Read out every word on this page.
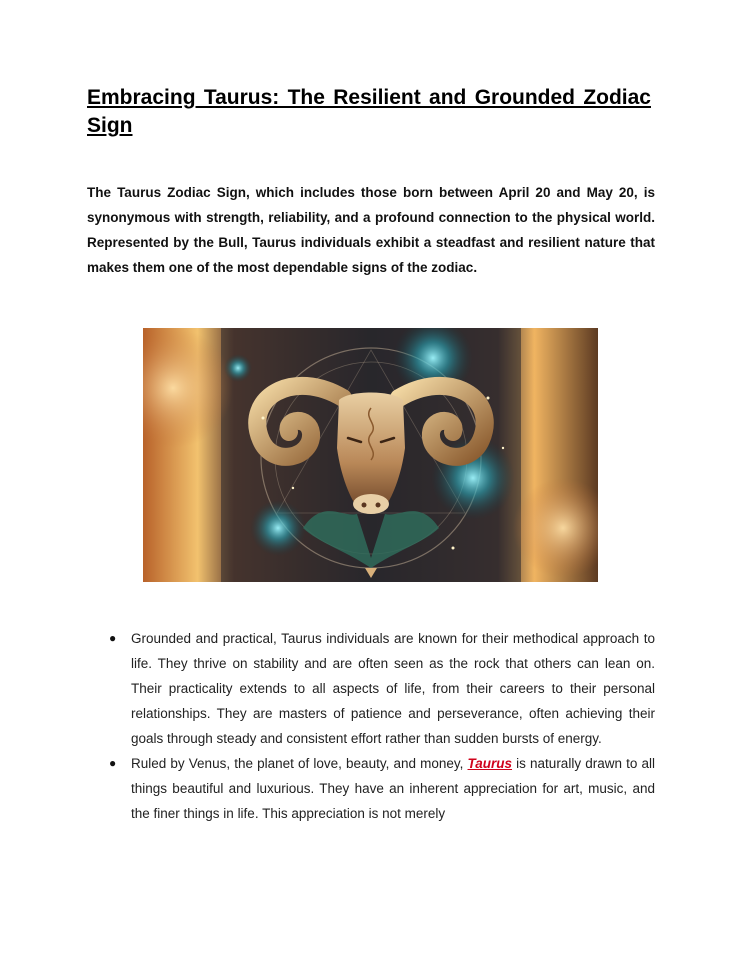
Embracing Taurus: The Resilient and Grounded Zodiac Sign

The Taurus Zodiac Sign, which includes those born between April 20 and May 20, is synonymous with strength, reliability, and a profound connection to the physical world. Represented by the Bull, Taurus individuals exhibit a steadfast and resilient nature that makes them one of the most dependable signs of the zodiac.

● Grounded and practical, Taurus individuals are known for their methodical approach to life. They thrive on stability and are often seen as the rock that others can lean on. Their practicality extends to all aspects of life, from their careers to their personal relationships. They are masters of patience and perseverance, often achieving their goals through steady and consistent effort rather than sudden bursts of energy.
● Ruled by Venus, the planet of love, beauty, and money, Taurus is naturally drawn to all things beautiful and luxurious. They have an inherent appreciation for art, music, and the finer things in life. This appreciation is not merely
